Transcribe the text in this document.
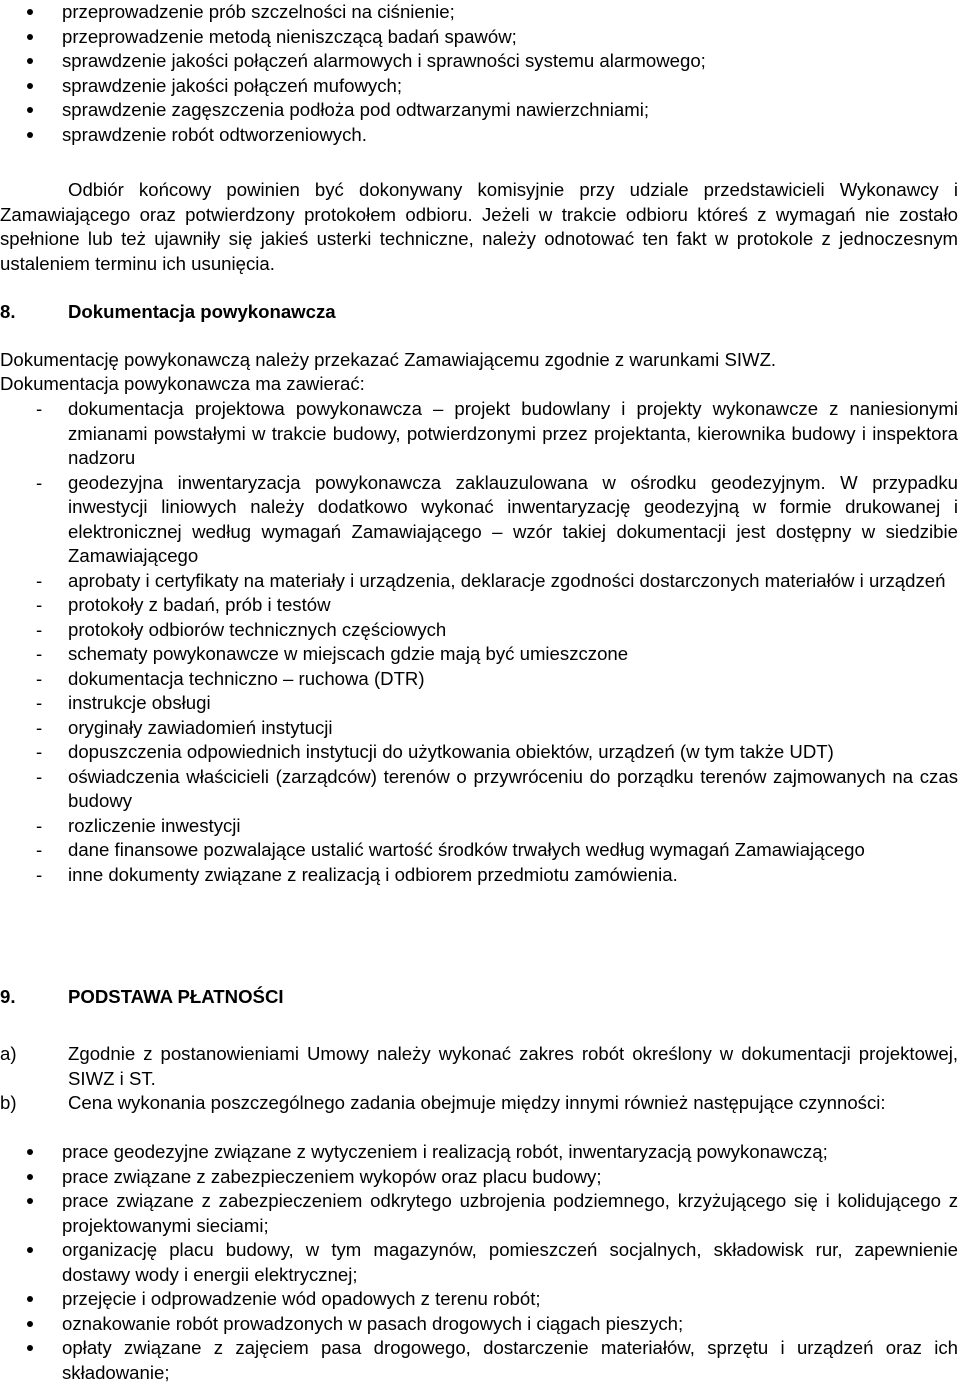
przeprowadzenie prób szczelności na ciśnienie;
przeprowadzenie metodą nieniszczącą badań spawów;
sprawdzenie jakości połączeń alarmowych i sprawności systemu alarmowego;
sprawdzenie jakości połączeń mufowych;
sprawdzenie zagęszczenia podłoża pod odtwarzanymi nawierzchniami;
sprawdzenie robót odtworzeniowych.

Odbiór końcowy powinien być dokonywany komisyjnie przy udziale przedstawicieli Wykonawcy i Zamawiającego oraz potwierdzony protokołem odbioru. Jeżeli w trakcie odbioru któreś z wymagań nie zostało spełnione lub też ujawniły się jakieś usterki techniczne, należy odnotować ten fakt w protokole z jednoczesnym ustaleniem terminu ich usunięcia.

8.	Dokumentacja powykonawcza

Dokumentację powykonawczą należy przekazać Zamawiającemu zgodnie z warunkami SIWZ.

Dokumentacja powykonawcza ma zawierać:

- dokumentacja projektowa powykonawcza – projekt budowlany i projekty wykonawcze z naniesionymi zmianami powstałymi w trakcie budowy, potwierdzonymi przez projektanta, kierownika budowy i inspektora nadzoru
- geodezyjna inwentaryzacja powykonawcza zaklauzulowana w ośrodku geodezyjnym. W przypadku inwestycji liniowych należy dodatkowo wykonać inwentaryzację geodezyjną w formie drukowanej i elektronicznej według wymagań Zamawiającego – wzór takiej dokumentacji jest dostępny w siedzibie Zamawiającego
- aprobaty i certyfikaty na materiały i urządzenia, deklaracje zgodności dostarczonych materiałów i urządzeń
- protokoły z badań, prób i testów
- protokoły odbiorów technicznych częściowych
- schematy powykonawcze w miejscach gdzie mają być umieszczone
- dokumentacja techniczno – ruchowa (DTR)
- instrukcje obsługi
- oryginały zawiadomień instytucji
- dopuszczenia odpowiednich instytucji do użytkowania obiektów, urządzeń (w tym także UDT)
- oświadczenia właścicieli (zarządców) terenów o przywróceniu do porządku terenów zajmowanych na czas budowy
- rozliczenie inwestycji
- dane finansowe pozwalające ustalić wartość środków trwałych według wymagań Zamawiającego
- inne dokumenty związane z realizacją i odbiorem przedmiotu zamówienia.
9.	PODSTAWA PŁATNOŚCI

a)	Zgodnie z postanowieniami Umowy należy wykonać zakres robót określony w dokumentacji projektowej, SIWZ i ST.

b)	Cena wykonania poszczególnego zadania obejmuje między innymi również następujące czynności:

prace geodezyjne związane z wytyczeniem i realizacją robót, inwentaryzacją powykonawczą;
prace związane z zabezpieczeniem wykopów oraz placu budowy;
prace związane z zabezpieczeniem odkrytego uzbrojenia podziemnego, krzyżującego się i kolidującego z projektowanymi sieciami;
organizację placu budowy, w tym magazynów, pomieszczeń socjalnych, składowisk rur, zapewnienie dostawy wody i energii elektrycznej;
przejęcie i odprowadzenie wód opadowych z terenu robót;
oznakowanie robót prowadzonych w pasach drogowych i ciągach pieszych;
opłaty związane z zajęciem pasa drogowego, dostarczenie materiałów, sprzętu i urządzeń oraz ich składowanie;
